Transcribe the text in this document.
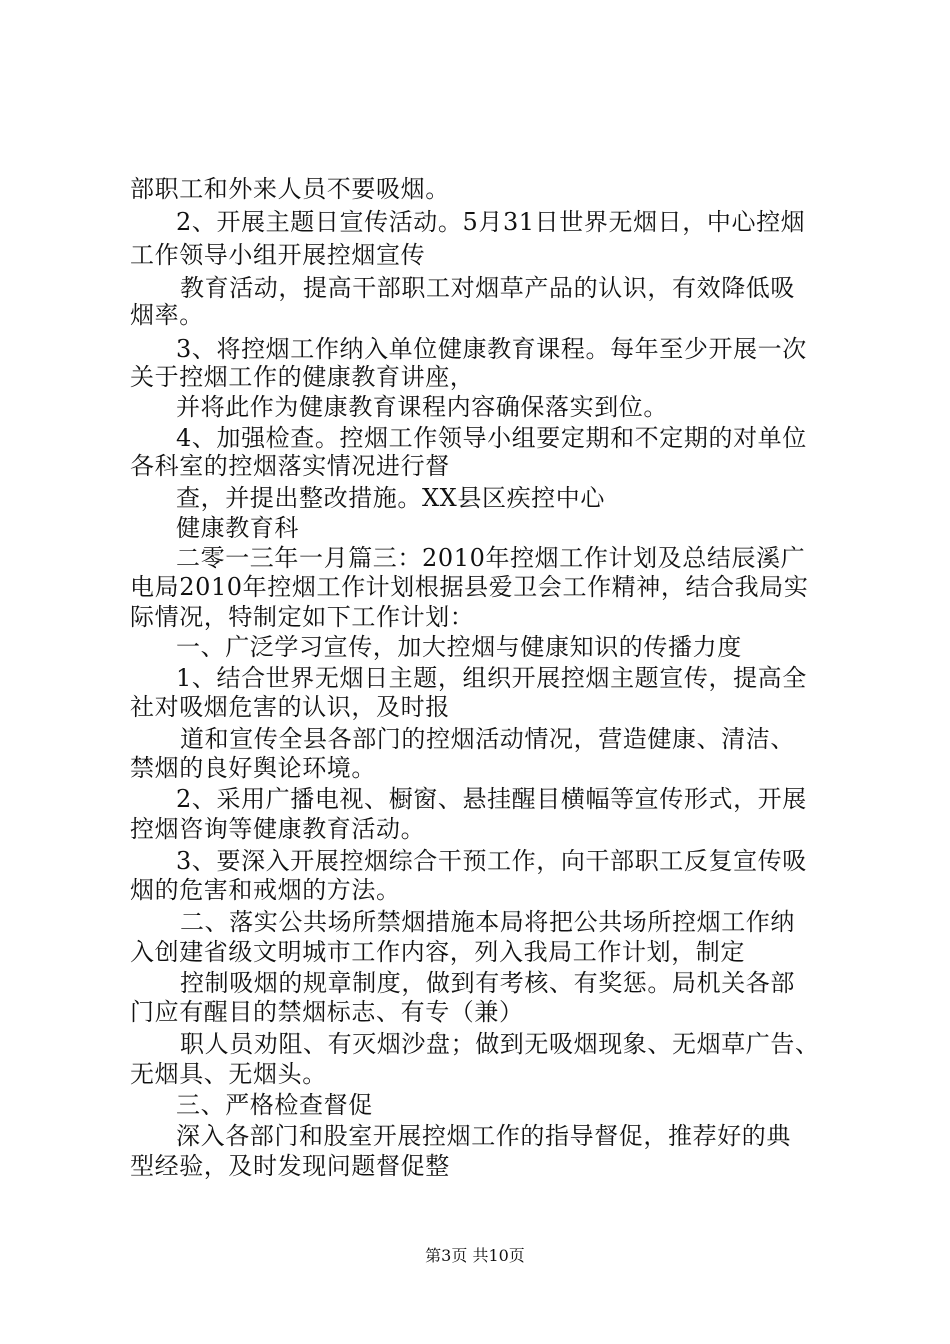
部职工和外来人员不要吸烟。
2、开展主题日宣传活动。5月31日世界无烟日，中心控烟
工作领导小组开展控烟宣传
教育活动，提高干部职工对烟草产品的认识，有效降低吸
烟率。
3、将控烟工作纳入单位健康教育课程。每年至少开展一次
关于控烟工作的健康教育讲座，
并将此作为健康教育课程内容确保落实到位。
4、加强检查。控烟工作领导小组要定期和不定期的对单位
各科室的控烟落实情况进行督
查，并提出整改措施。XX县区疾控中心
健康教育科
二零一三年一月篇三：2010年控烟工作计划及总结辰溪广
电局2010年控烟工作计划根据县爱卫会工作精神，结合我局实
际情况，特制定如下工作计划：
一、广泛学习宣传，加大控烟与健康知识的传播力度
1、结合世界无烟日主题，组织开展控烟主题宣传，提高全
社对吸烟危害的认识，及时报
道和宣传全县各部门的控烟活动情况，营造健康、清洁、
禁烟的良好舆论环境。
2、采用广播电视、橱窗、悬挂醒目横幅等宣传形式，开展
控烟咨询等健康教育活动。
3、要深入开展控烟综合干预工作，向干部职工反复宣传吸
烟的危害和戒烟的方法。
二、落实公共场所禁烟措施本局将把公共场所控烟工作纳
入创建省级文明城市工作内容，列入我局工作计划，制定
控制吸烟的规章制度，做到有考核、有奖惩。局机关各部
门应有醒目的禁烟标志、有专（兼）
职人员劝阻、有灭烟沙盘；做到无吸烟现象、无烟草广告、
无烟具、无烟头。
三、严格检查督促
深入各部门和股室开展控烟工作的指导督促，推荐好的典
型经验，及时发现问题督促整
第3页 共10页
